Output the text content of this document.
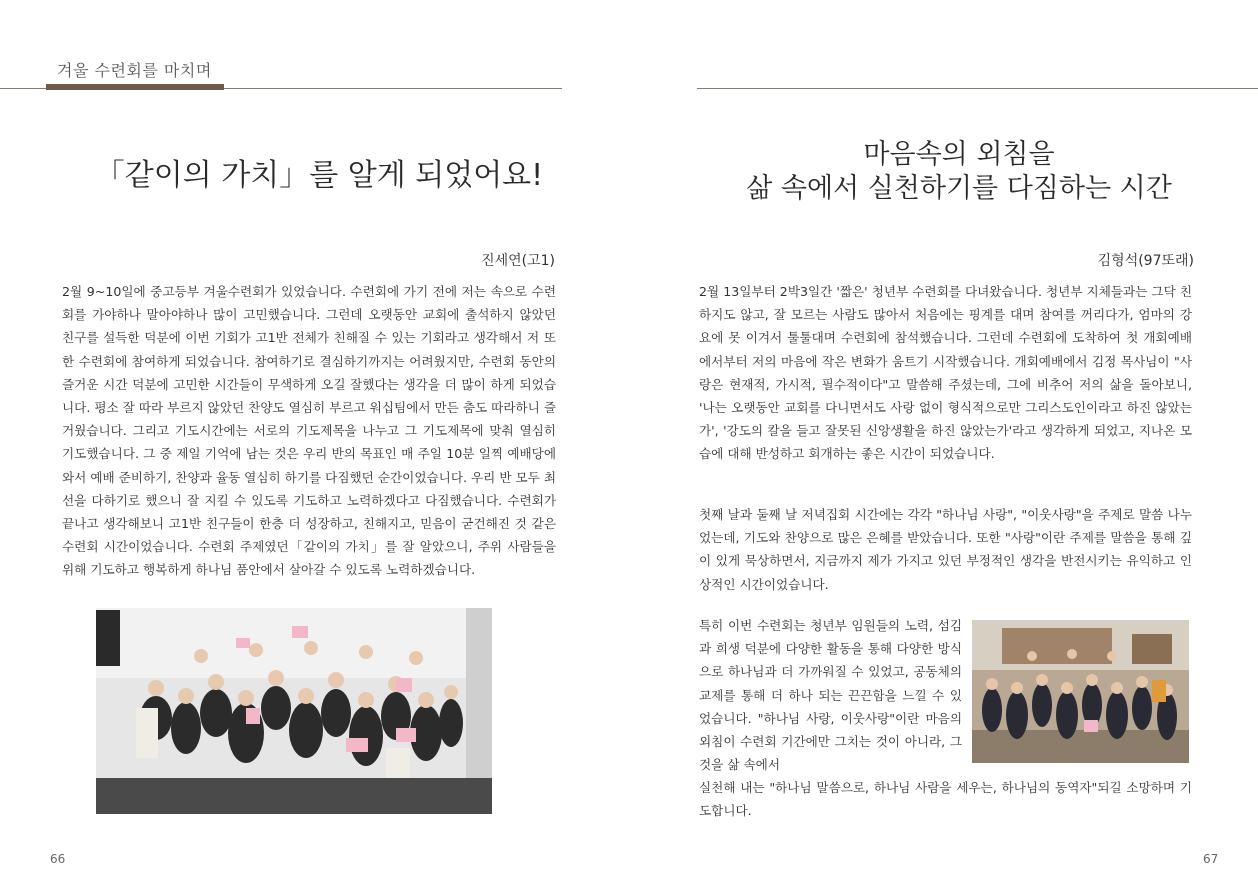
겨울 수련회를 마치며
「같이의 가치」를 알게 되었어요!
진세연(고1)

2월 9~10일에 중고등부 겨울수련회가 있었습니다. 수련회에 가기 전에 저는 속으로 수련회를 가야하나 말아야하나 많이 고민했습니다. 그런데 오랫동안 교회에 출석하지 않았던 친구를 설득한 덕분에 이번 기회가 고1반 전체가 친해질 수 있는 기회라고 생각해서 저 또한 수련회에 참여하게 되었습니다. 참여하기로 결심하기까지는 어려웠지만, 수련회 동안의 즐거운 시간 덕분에 고민한 시간들이 무색하게 오길 잘했다는 생각을 더 많이 하게 되었습니다. 평소 잘 따라 부르지 않았던 찬양도 열심히 부르고 워십팀에서 만든 춤도 따라하니 즐거웠습니다. 그리고 기도시간에는 서로의 기도제목을 나누고 그 기도제목에 맞춰 열심히 기도했습니다. 그 중 제일 기억에 남는 것은 우리 반의 목표인 매 주일 10분 일찍 예배당에 와서 예배 준비하기, 찬양과 율동 열심히 하기를 다짐했던 순간이었습니다. 우리 반 모두 최선을 다하기로 했으니 잘 지킬 수 있도록 기도하고 노력하겠다고 다짐했습니다. 수련회가 끝나고 생각해보니 고1반 친구들이 한층 더 성장하고, 친해지고, 믿음이 굳건해진 것 같은 수련회 시간이었습니다. 수련회 주제였던「같이의 가치」를 잘 알았으니, 주위 사람들을 위해 기도하고 행복하게 하나님 품안에서 살아갈 수 있도록 노력하겠습니다.

66
마음속의 외침을
삶 속에서 실천하기를 다짐하는 시간
김형석(97또래)

2월 13일부터 2박3일간 '짧은' 청년부 수련회를 다녀왔습니다. 청년부 지체들과는 그닥 친하지도 않고, 잘 모르는 사람도 많아서 처음에는 핑계를 대며 참여를 꺼리다가, 엄마의 강요에 못 이겨서 툴툴대며 수련회에 참석했습니다. 그런데 수련회에 도착하여 첫 개회예배에서부터 저의 마음에 작은 변화가 움트기 시작했습니다. 개회예배에서 김정 목사님이 "사랑은 현재적, 가시적, 필수적이다"고 말씀해 주셨는데, 그에 비추어 저의 삶을 돌아보니, '나는 오랫동안 교회를 다니면서도 사랑 없이 형식적으로만 그리스도인이라고 하진 않았는가', '강도의 칼을 들고 잘못된 신앙생활을 하진 않았는가'라고 생각하게 되었고, 지나온 모습에 대해 반성하고 회개하는 좋은 시간이 되었습니다.

첫째 날과 둘째 날 저녁집회 시간에는 각각 "하나님 사랑", "이웃사랑"을 주제로 말씀 나누었는데, 기도와 찬양으로 많은 은혜를 받았습니다. 또한 "사랑"이란 주제를 말씀을 통해 깊이 있게 묵상하면서, 지금까지 제가 가지고 있던 부정적인 생각을 반전시키는 유익하고 인상적인 시간이었습니다.

특히 이번 수련회는 청년부 임원들의 노력, 섬김과 희생 덕분에 다양한 활동을 통해 다양한 방식으로 하나님과 더 가까워질 수 있었고, 공동체의 교제를 통해 더 하나 되는 끈끈함을 느낄 수 있었습니다. "하나님 사랑, 이웃사랑"이란 마음의 외침이 수련회 기간에만 그치는 것이 아니라, 그것을 삶 속에서

실천해 내는 "하나님 말씀으로, 하나님 사람을 세우는, 하나님의 동역자"되길 소망하며 기도합니다.

67
